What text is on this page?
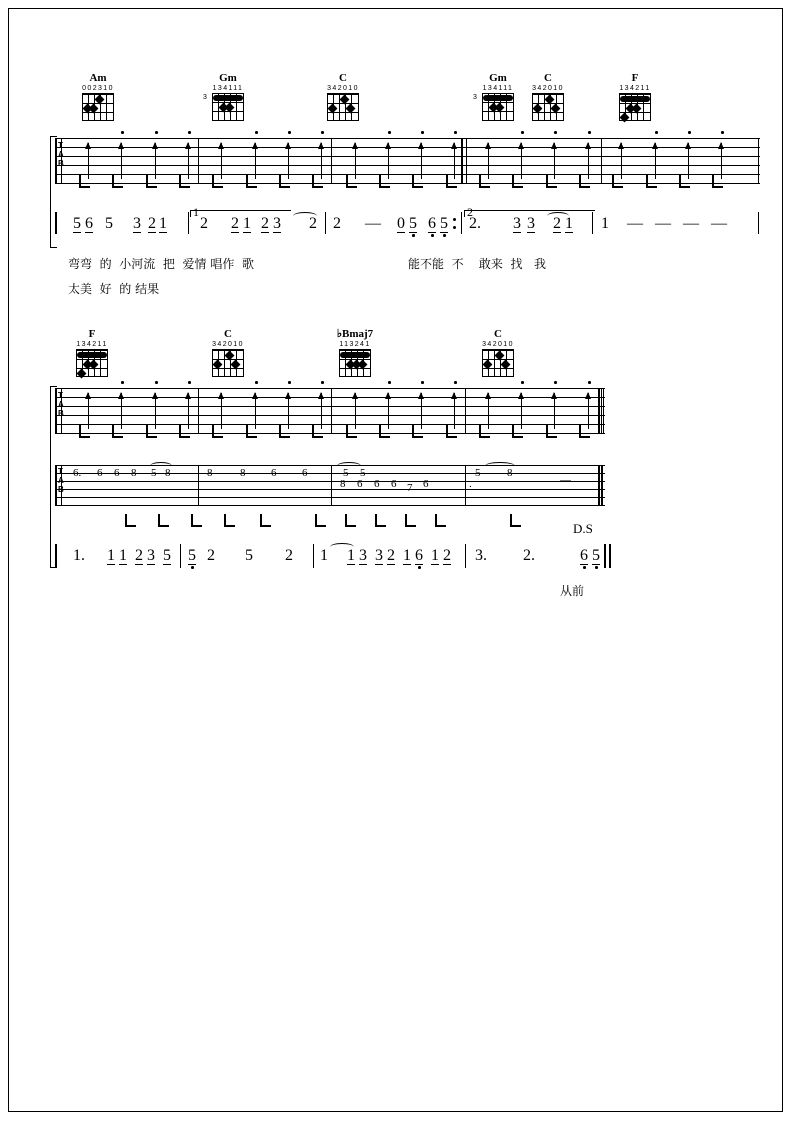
Am
002310
Gm
134111
3
C
342010
Gm
134111
3
C
342010
F
134211
T
A
B
5 6 5 3 2 1
1
2 2 1 2 3 2 2 — 0 5 6 5
2
2. 3 3 2 1 1 — — — —
弯弯  的  小河流  把  爱情 唱作  歌	能不能  不    敢来  找   我
太美  好  的 结果
F
134211
C
342010
♭Bmaj7
113241
C
342010
T
A
B
T
A
B
6. 6 6 8 5 8	8	8 6 6	5 5
8 6 6 6 7 6
5 8
.	—
D.S
1. 1 1 2 3 5 5 2 5 2 1 1 3 3 2 1 6 1 2 3. 2.	6 5
从前
